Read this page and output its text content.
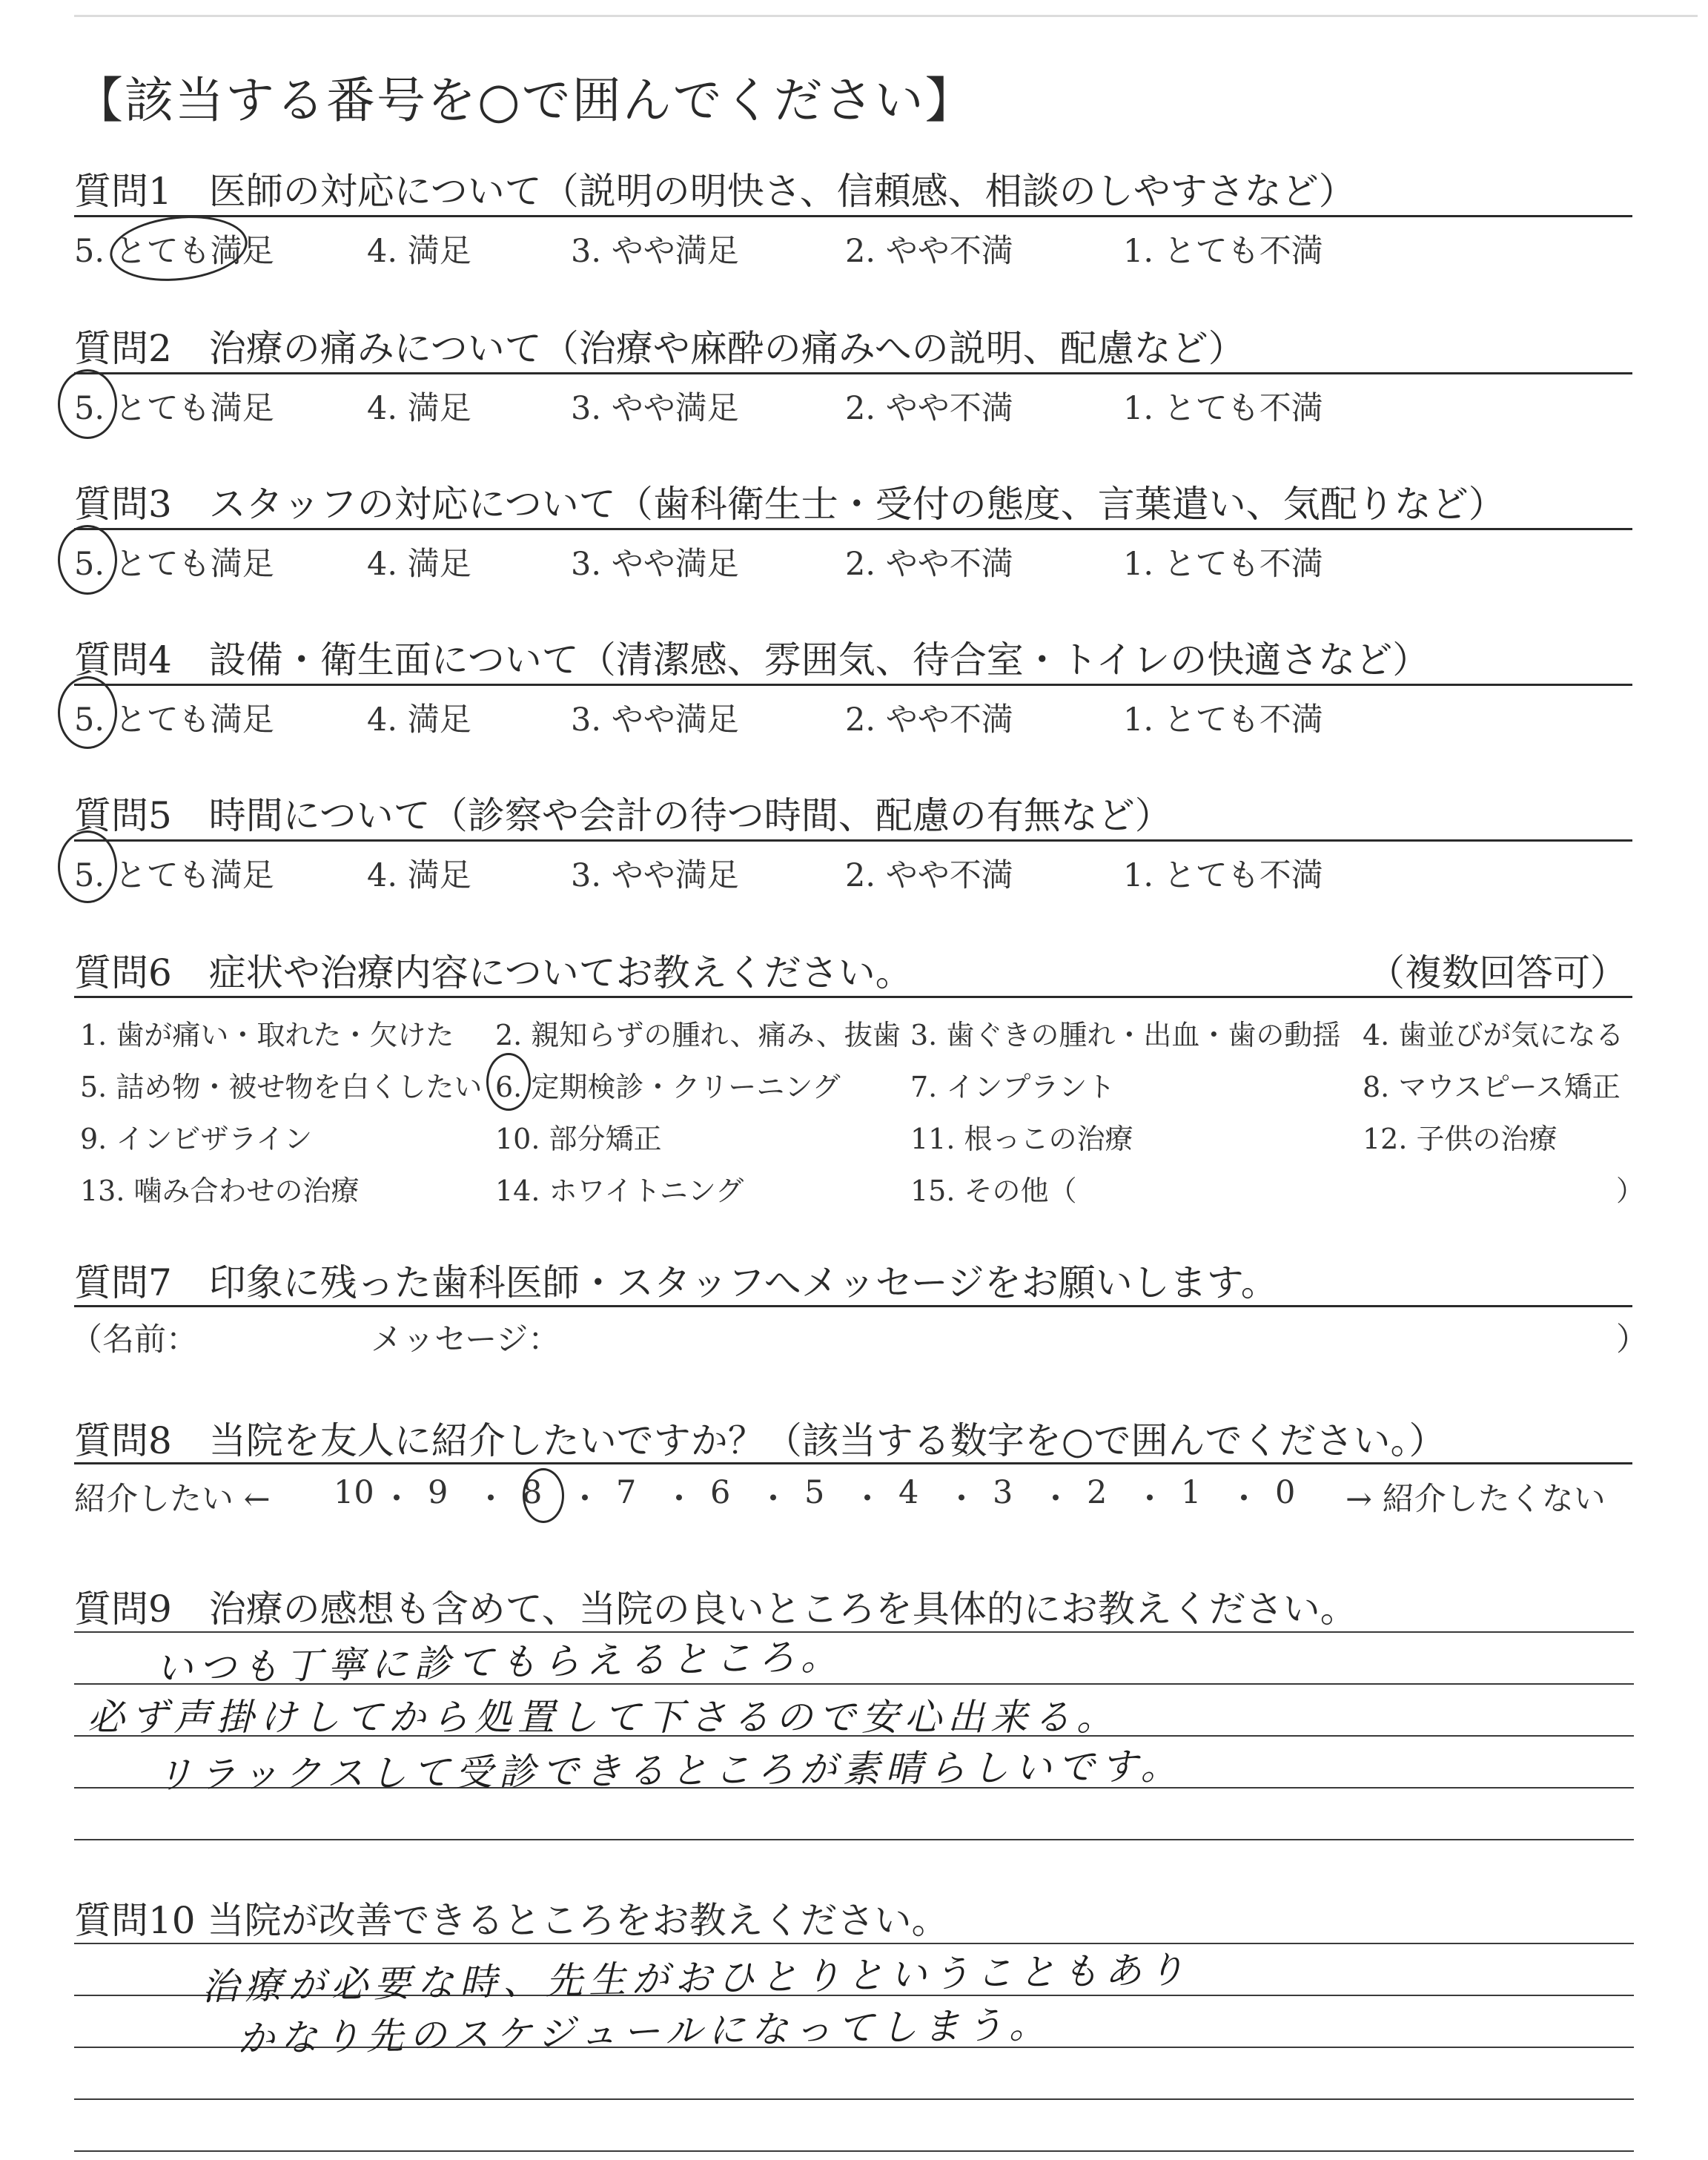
【該当する番号を○で囲んでください】
質問1　医師の対応について（説明の明快さ、信頼感、相談のしやすさなど）
5. とても満足	4. 満足	3. やや満足	2. やや不満	1. とても不満
質問2　治療の痛みについて（治療や麻酔の痛みへの説明、配慮など）
5. とても満足	4. 満足	3. やや満足	2. やや不満	1. とても不満
質問3　スタッフの対応について（歯科衛生士・受付の態度、言葉遣い、気配りなど）
5. とても満足	4. 満足	3. やや満足	2. やや不満	1. とても不満
質問4　設備・衛生面について（清潔感、雰囲気、待合室・トイレの快適さなど）
5. とても満足	4. 満足	3. やや満足	2. やや不満	1. とても不満
質問5　時間について（診察や会計の待つ時間、配慮の有無など）
5. とても満足	4. 満足	3. やや満足	2. やや不満	1. とても不満
質問6　症状や治療内容についてお教えください。	（複数回答可）
1. 歯が痛い・取れた・欠けた 2. 親知らずの腫れ、痛み、抜歯 3. 歯ぐきの腫れ・出血・歯の動揺 4. 歯並びが気になる
5. 詰め物・被せ物を白くしたい 6. 定期検診・クリーニング 7. インプラント	8. マウスピース矯正
9. インビザライン	10. 部分矯正	11. 根っこの治療	12. 子供の治療
13. 噛み合わせの治療	14. ホワイトニング	15. その他（	）
質問7　印象に残った歯科医師・スタッフへメッセージをお願いします。
（名前：	メッセージ：	）
質問8　当院を友人に紹介したいですか？（該当する数字を○で囲んでください。）
紹介したい ← 10 ・ 9 ・ 8 ・ 7 ・ 6 ・ 5 ・ 4 ・ 3 ・ 2 ・ 1 ・ 0 → 紹介したくない
質問9　治療の感想も含めて、当院の良いところを具体的にお教えください。
いつも丁寧に診てもらえるところ。
必ず声掛けしてから処置して下さるので安心出来る。
リラックスして受診できるところが素晴らしいです。
質問10 当院が改善できるところをお教えください。
治療が必要な時、先生がおひとりということもあり
かなり先のスケジュールになってしまう。
